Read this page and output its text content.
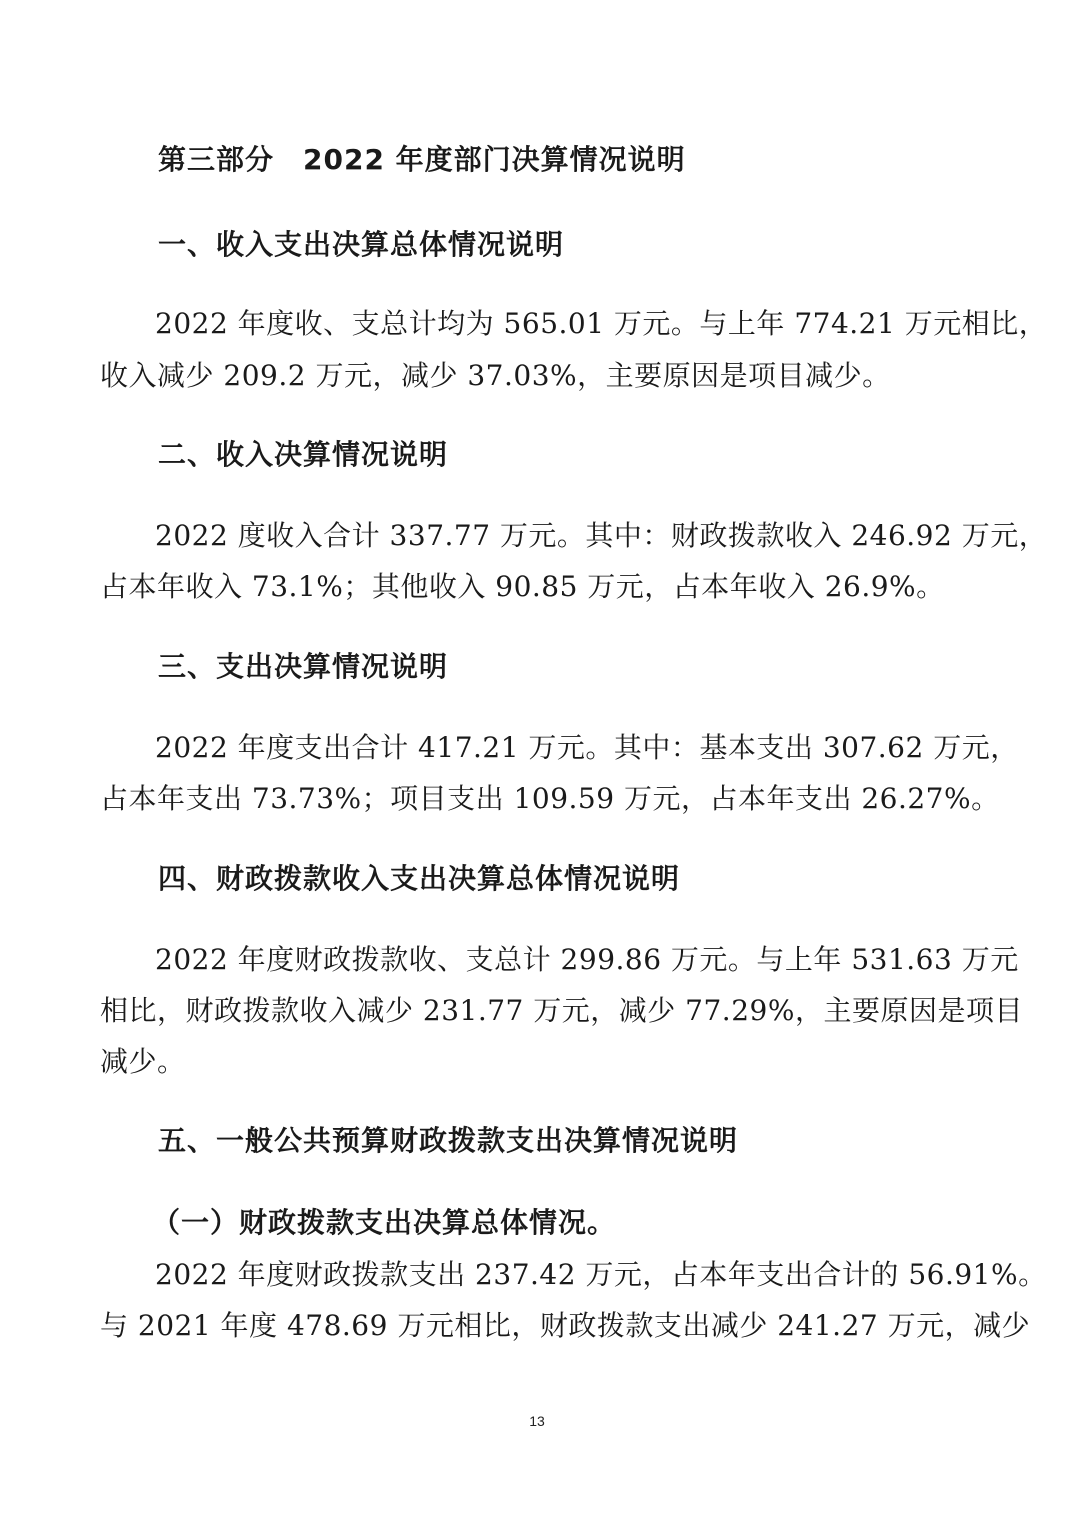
第三部分　2022 年度部门决算情况说明
一、收入支出决算总体情况说明
2022 年度收、支总计均为 565.01 万元。与上年 774.21 万元相比，
收入减少 209.2 万元，减少 37.03%，主要原因是项目减少。
二、收入决算情况说明
2022 度收入合计 337.77 万元。其中：财政拨款收入 246.92 万元，
占本年收入 73.1%；其他收入 90.85 万元，占本年收入 26.9%。
三、支出决算情况说明
2022 年度支出合计 417.21 万元。其中：基本支出 307.62 万元，
占本年支出 73.73%；项目支出 109.59 万元，占本年支出 26.27%。
四、财政拨款收入支出决算总体情况说明
2022 年度财政拨款收、支总计 299.86 万元。与上年 531.63 万元
相比，财政拨款收入减少 231.77 万元，减少 77.29%，主要原因是项目
减少。
五、一般公共预算财政拨款支出决算情况说明
（一）财政拨款支出决算总体情况。
2022 年度财政拨款支出 237.42 万元，占本年支出合计的 56.91%。
与 2021 年度 478.69 万元相比，财政拨款支出减少 241.27 万元，减少
13
